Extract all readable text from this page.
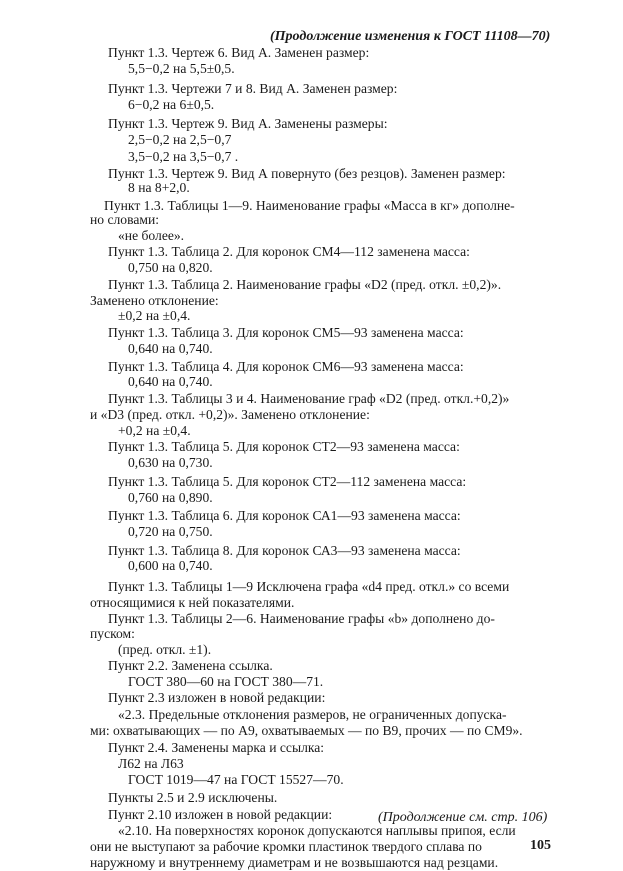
(Продолжение изменения к ГОСТ 11108—70)
Пункт 1.3. Чертеж 6. Вид А. Заменен размер:
5,5−0,2 на 5,5±0,5.
Пункт 1.3. Чертежи 7 и 8. Вид А. Заменен размер:
6−0,2 на 6±0,5.
Пункт 1.3. Чертеж 9. Вид А. Заменены размеры:
2,5−0,2 на 2,5−0,7
3,5−0,2 на 3,5−0,7 .
Пункт 1.3. Чертеж 9. Вид А повернуто (без резцов). Заменен размер:
8 на 8+2,0.
Пункт 1.3. Таблицы 1—9. Наименование графы «Масса в кг» дополне-
но словами:
«не более».
Пункт 1.3. Таблица 2. Для коронок СМ4—112 заменена масса:
0,750 на 0,820.
Пункт 1.3. Таблица 2. Наименование графы «D2 (пред. откл. ±0,2)».
Заменено отклонение:
±0,2 на ±0,4.
Пункт 1.3. Таблица 3. Для коронок СМ5—93 заменена масса:
0,640 на 0,740.
Пункт 1.3. Таблица 4. Для коронок СМ6—93 заменена масса:
0,640 на 0,740.
Пункт 1.3. Таблицы 3 и 4. Наименование граф «D2 (пред. откл.+0,2)»
и «D3 (пред. откл. +0,2)». Заменено отклонение:
+0,2 на ±0,4.
Пункт 1.3. Таблица 5. Для коронок СТ2—93 заменена масса:
0,630 на 0,730.
Пункт 1.3. Таблица 5. Для коронок СТ2—112 заменена масса:
0,760 на 0,890.
Пункт 1.3. Таблица 6. Для коронок СА1—93 заменена масса:
0,720 на 0,750.
Пункт 1.3. Таблица 8. Для коронок СА3—93 заменена масса:
0,600 на 0,740.
Пункт 1.3. Таблицы 1—9 Исключена графа «d4 пред. откл.» со всеми
относящимися к ней показателями.
Пункт 1.3. Таблицы 2—6. Наименование графы «b» дополнено до-
пуском:
(пред. откл. ±1).
Пункт 2.2. Заменена ссылка.
ГОСТ 380—60 на ГОСТ 380—71.
Пункт 2.3 изложен в новой редакции:
«2.3. Предельные отклонения размеров, не ограниченных допуска-
ми: охватывающих — по А9, охватываемых — по В9, прочих — по СМ9».
Пункт 2.4. Заменены марка и ссылка:
Л62 на Л63
ГОСТ 1019—47 на ГОСТ 15527—70.
Пункты 2.5 и 2.9 исключены.
Пункт 2.10 изложен в новой редакции:
«2.10. На поверхностях коронок допускаются наплывы припоя, если
они не выступают за рабочие кромки пластинок твердого сплава по
наружному и внутреннему диаметрам и не возвышаются над резцами.
(Продолжение см. стр. 106)
105
